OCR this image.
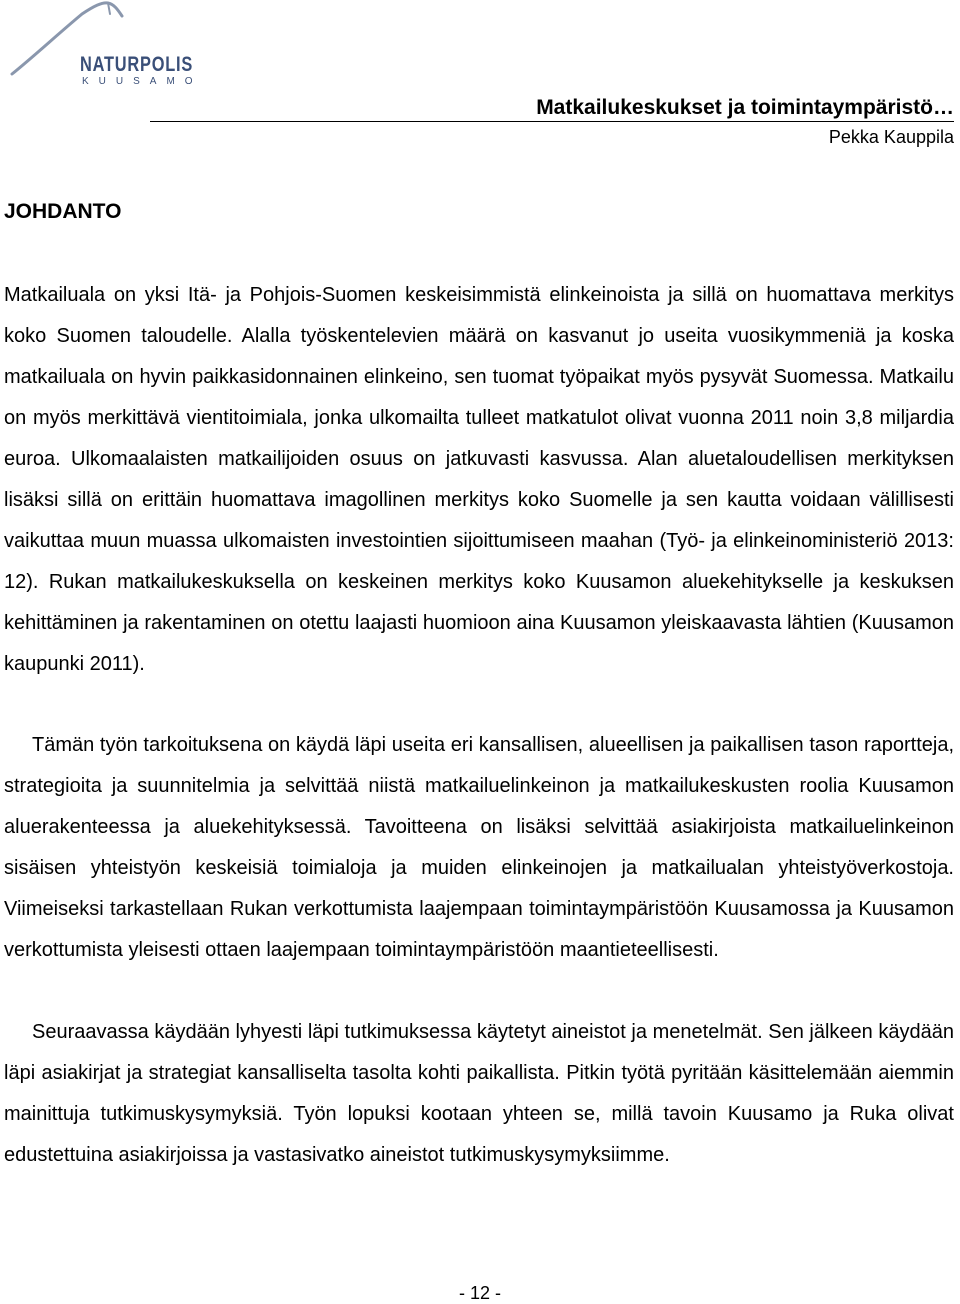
NATURPOLIS
KUUSAMO
Matkailukeskukset ja toimintaympäristö…
Pekka Kauppila
JOHDANTO

Matkailuala on yksi Itä- ja Pohjois-Suomen keskeisimmistä elinkeinoista ja sillä on huomattava merkitys koko Suomen taloudelle. Alalla työskentelevien määrä on kasvanut jo useita vuosikymmeniä ja koska matkailuala on hyvin paikkasidonnainen elinkeino, sen tuomat työpaikat myös pysyvät Suomessa. Matkailu on myös merkittävä vientitoimiala, jonka ulkomailta tulleet matkatulot olivat vuonna 2011 noin 3,8 miljardia euroa. Ulkomaalaisten matkailijoiden osuus on jatkuvasti kasvussa. Alan aluetaloudellisen merkityksen lisäksi sillä on erittäin huomattava imagollinen merkitys koko Suomelle ja sen kautta voidaan välillisesti vaikuttaa muun muassa ulkomaisten investointien sijoittumiseen maahan (Työ- ja elinkeinoministeriö 2013: 12). Rukan matkailukeskuksella on keskeinen merkitys koko Kuusamon aluekehitykselle ja keskuksen kehittäminen ja rakentaminen on otettu laajasti huomioon aina Kuusamon yleiskaavasta lähtien (Kuusamon kaupunki 2011).

Tämän työn tarkoituksena on käydä läpi useita eri kansallisen, alueellisen ja paikallisen tason raportteja, strategioita ja suunnitelmia ja selvittää niistä matkailuelinkeinon ja matkailukeskusten roolia Kuusamon aluerakenteessa ja aluekehityksessä. Tavoitteena on lisäksi selvittää asiakirjoista matkailuelinkeinon sisäisen yhteistyön keskeisiä toimialoja ja muiden elinkeinojen ja matkailualan yhteistyöverkostoja. Viimeiseksi tarkastellaan Rukan verkottumista laajempaan toimintaympäristöön Kuusamossa ja Kuusamon verkottumista yleisesti ottaen laajempaan toimintaympäristöön maantieteellisesti.

Seuraavassa käydään lyhyesti läpi tutkimuksessa käytetyt aineistot ja menetelmät. Sen jälkeen käydään läpi asiakirjat ja strategiat kansalliselta tasolta kohti paikallista. Pitkin työtä pyritään käsittelemään aiemmin mainittuja tutkimuskysymyksiä. Työn lopuksi kootaan yhteen se, millä tavoin Kuusamo ja Ruka olivat edustettuina asiakirjoissa ja vastasivatko aineistot tutkimuskysymyksiimme.

- 12 -
